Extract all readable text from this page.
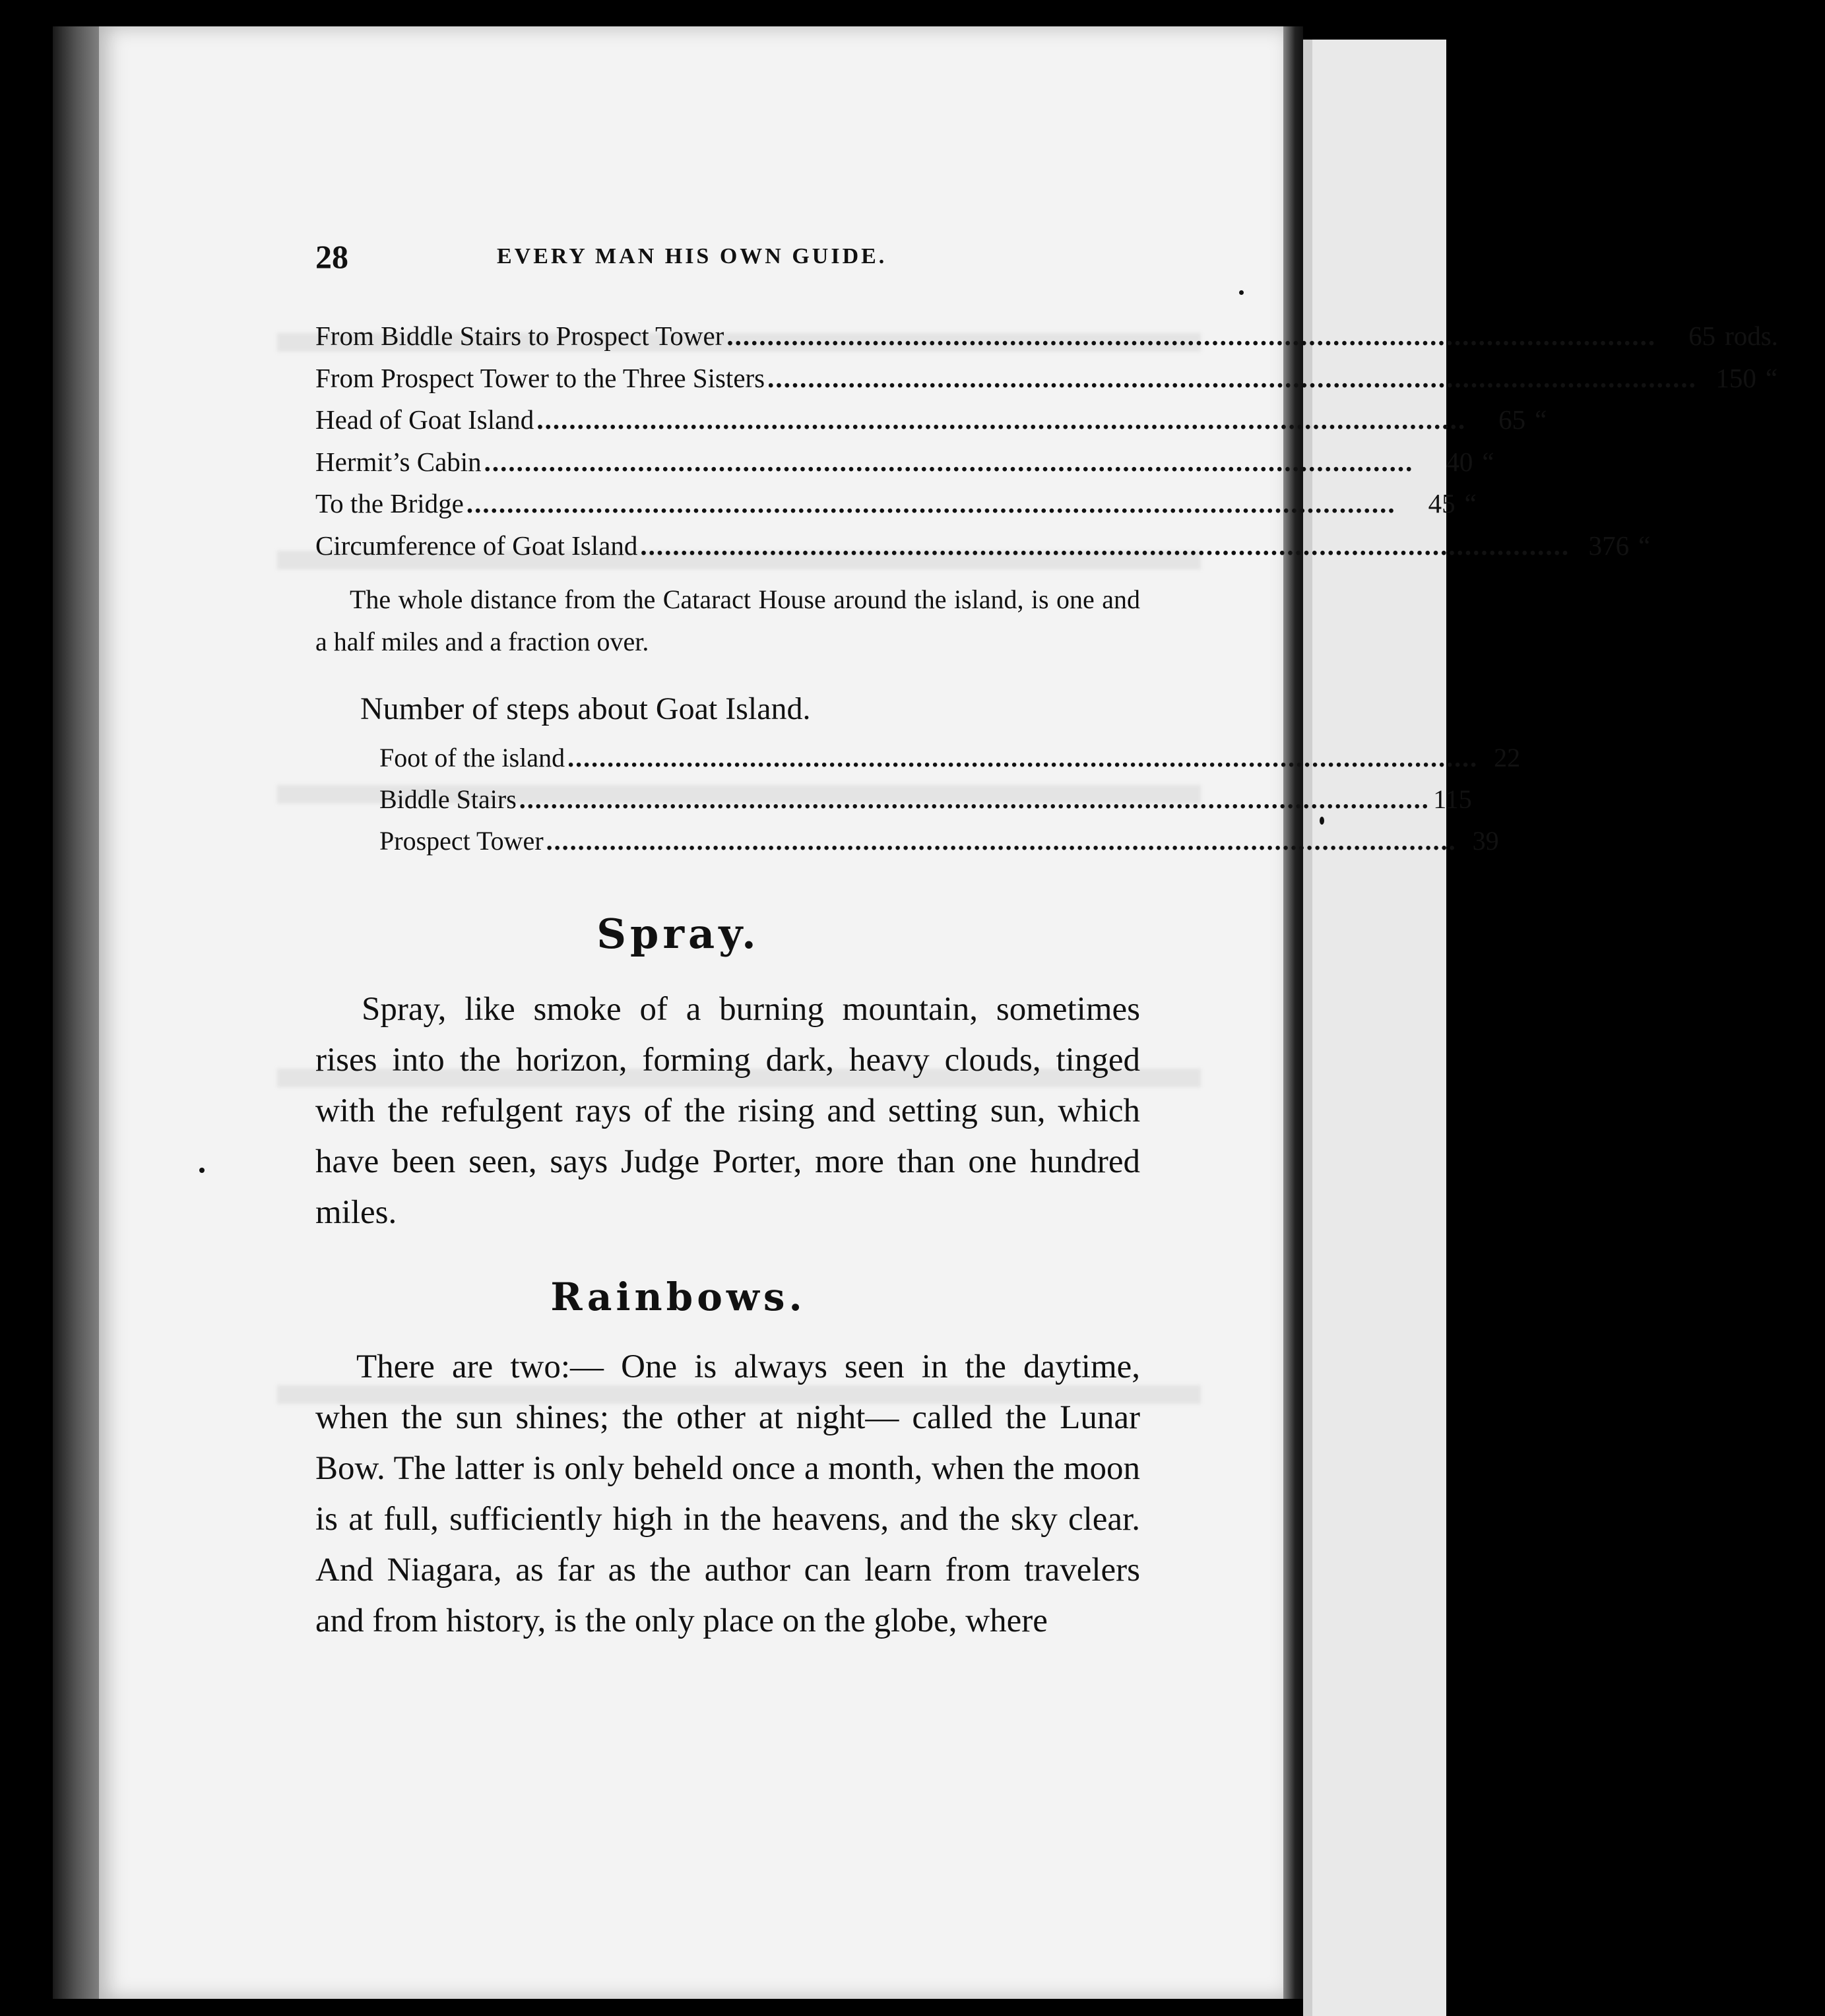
28	EVERY MAN HIS OWN GUIDE.
From Biddle Stairs to Prospect Tower ...................................................................................................................	65 rods.
From Prospect Tower to the Three Sisters ................................................................................................................... 150 “
Head of Goat Island ...................................................................................................................	65 “
Hermit’s Cabin ...................................................................................................................	40 “
To the Bridge ...................................................................................................................	45 “
Circumference of Goat Island ................................................................................................................... 376 “

The whole distance from the Cataract House around the island, is one and a half miles and a fraction over.

Number of steps about Goat Island.
Foot of the island ................................................................................................................... 22
Biddle Stairs ................................................................................................................... 115
Prospect Tower ................................................................................................................... 39
Spray.

Spray, like smoke of a burning mountain, sometimes rises into the horizon, forming dark, heavy clouds, tinged with the refulgent rays of the rising and setting sun, which have been seen, says Judge Porter, more than one hundred miles.

Rainbows.

There are two:— One is always seen in the daytime, when the sun shines; the other at night— called the Lunar Bow. The latter is only beheld once a month, when the moon is at full, sufficiently high in the heavens, and the sky clear. And Niagara, as far as the author can learn from travelers and from history, is the only place on the globe, where
